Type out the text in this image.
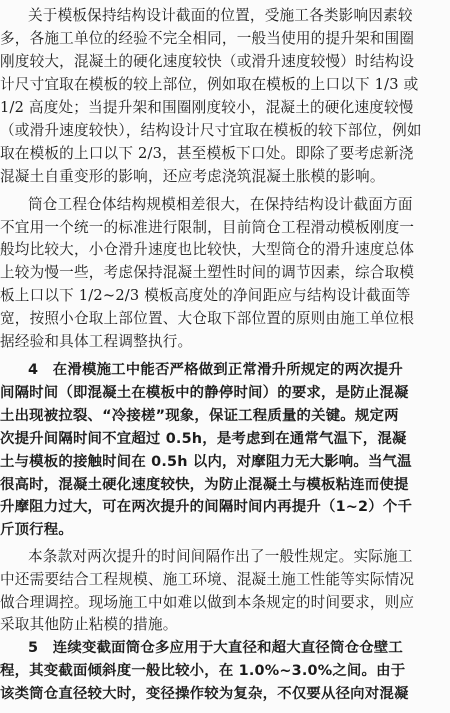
关于模板保持结构设计截面的位置，受施工各类影响因素较
多，各施工单位的经验不完全相同，一般当使用的提升架和围圈
刚度较大，混凝土的硬化速度较快（或滑升速度较慢）时结构设
计尺寸宜取在模板的较上部位，例如取在模板的上口以下 1/3 或
1/2 高度处；当提升架和围圈刚度较小，混凝土的硬化速度较慢
（或滑升速度较快），结构设计尺寸宜取在模板的较下部位，例如
取在模板的上口以下 2/3，甚至模板下口处。即除了要考虑新浇
混凝土自重变形的影响，还应考虑浇筑混凝土胀模的影响。
筒仓工程仓体结构规模相差很大，在保持结构设计截面方面
不宜用一个统一的标准进行限制，目前筒仓工程滑动模板刚度一
般均比较大，小仓滑升速度也比较快，大型筒仓的滑升速度总体
上较为慢一些，考虑保持混凝土塑性时间的调节因素，综合取模
板上口以下 1/2~2/3 模板高度处的净间距应与结构设计截面等
宽，按照小仓取上部位置、大仓取下部位置的原则由施工单位根
据经验和具体工程调整执行。
4　在滑模施工中能否严格做到正常滑升所规定的两次提升
间隔时间（即混凝土在模板中的静停时间）的要求，是防止混凝
土出现被拉裂、“冷接槎”现象，保证工程质量的关键。规定两
次提升间隔时间不宜超过 0.5h，是考虑到在通常气温下，混凝
土与模板的接触时间在 0.5h 以内，对摩阻力无大影响。当气温
很高时，混凝土硬化速度较快，为防止混凝土与模板粘连而使提
升摩阻力过大，可在两次提升的间隔时间内再提升（1~2）个千
斤顶行程。
本条款对两次提升的时间间隔作出了一般性规定。实际施工
中还需要结合工程规模、施工环境、混凝土施工性能等实际情况
做合理调控。现场施工中如难以做到本条规定的时间要求，则应
采取其他防止粘模的措施。
5　连续变截面筒仓多应用于大直径和超大直径筒仓仓壁工
程，其变截面倾斜度一般比较小，在 1.0%~3.0%之间。由于
该类筒仓直径较大时，变径操作较为复杂，不仅要从径向对混凝
